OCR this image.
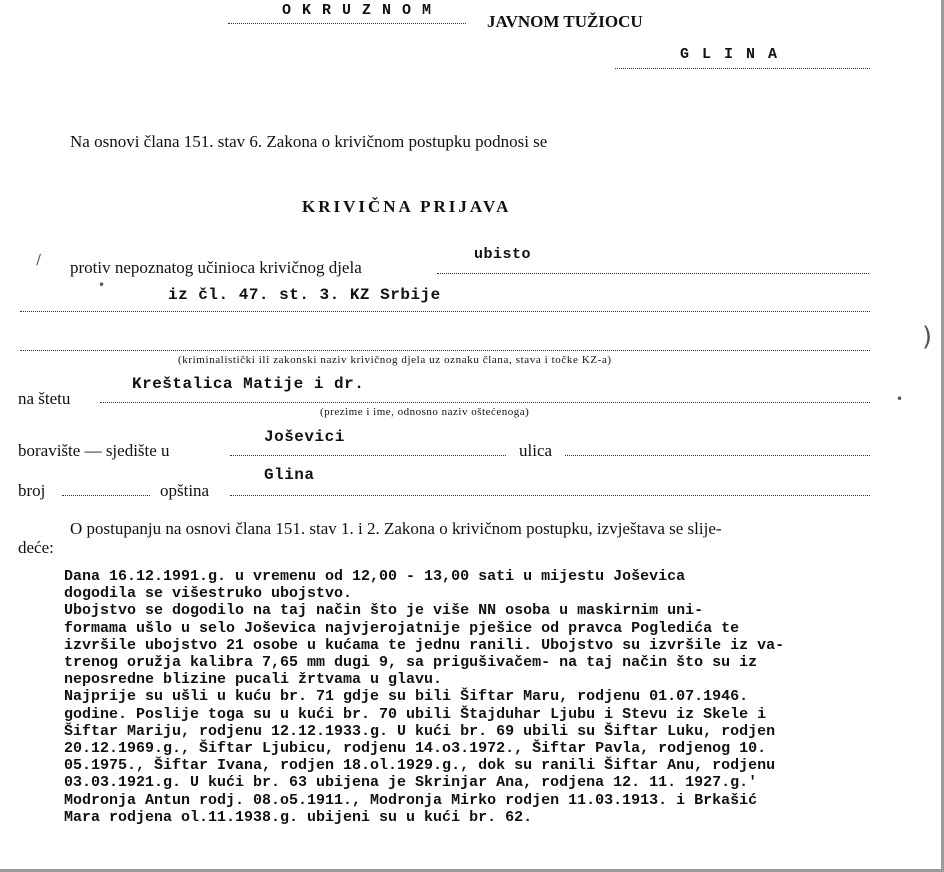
O K R U Z N O M
JAVNOM TUŽIOCU
G L I N A
Na osnovi člana 151. stav 6. Zakona o krivičnom postupku podnosi se
KRIVIČNA PRIJAVA
\
)
•
•
protiv nepoznatog učinioca krivičnog djela
ubisto
iz čl. 47. st. 3. KZ Srbije
(kriminalistički ili zakonski naziv krivičnog djela uz oznaku člana, stava i točke KZ-a)
na štetu
Kreštalica Matije i dr.
(prezime i ime, odnosno naziv oštećenoga)
boravište — sjedište u
Joševici
ulica
broj	opština
Glina
O postupanju na osnovi člana 151. stav 1. i 2. Zakona o krivičnom postupku, izvještava se slije-
deće:

Dana 16.12.1991.g. u vremenu od 12,00 - 13,00 sati u mijestu Joševica

dogodila se višestruko ubojstvo.

Ubojstvo se dogodilo na taj način što je više NN osoba u maskirnim uni-

formama ušlo u selo Joševica najvjerojatnije pješice od pravca Pogledića te

izvršile ubojstvo 21 osobe u kućama te jednu ranili. Ubojstvo su izvršile iz va-

trenog oružja kalibra 7,65 mm dugi 9, sa prigušivačem- na taj način što su iz

neposredne blizine pucali žrtvama u glavu.

Najprije su ušli u kuću br. 71 gdje su bili Šiftar Maru, rodjenu 01.07.1946.

godine. Poslije toga su u kući br. 70 ubili Štajduhar Ljubu i Stevu iz Skele i

Šiftar Mariju, rodjenu 12.12.1933.g. U kući br. 69 ubili su Šiftar Luku, rodjen

20.12.1969.g., Šiftar Ljubicu, rodjenu 14.o3.1972., Šiftar Pavla, rodjenog 10.

05.1975., Šiftar Ivana, rodjen 18.ol.1929.g., dok su ranili Šiftar Anu, rodjenu

03.03.1921.g. U kući br. 63 ubijena je Skrinjar Ana, rodjena 12. 11. 1927.g.'

Modronja Antun rodj. 08.o5.1911., Modronja Mirko rodjen 11.03.1913. i Brkašić

Mara rodjena ol.11.1938.g. ubijeni su u kući br. 62.
